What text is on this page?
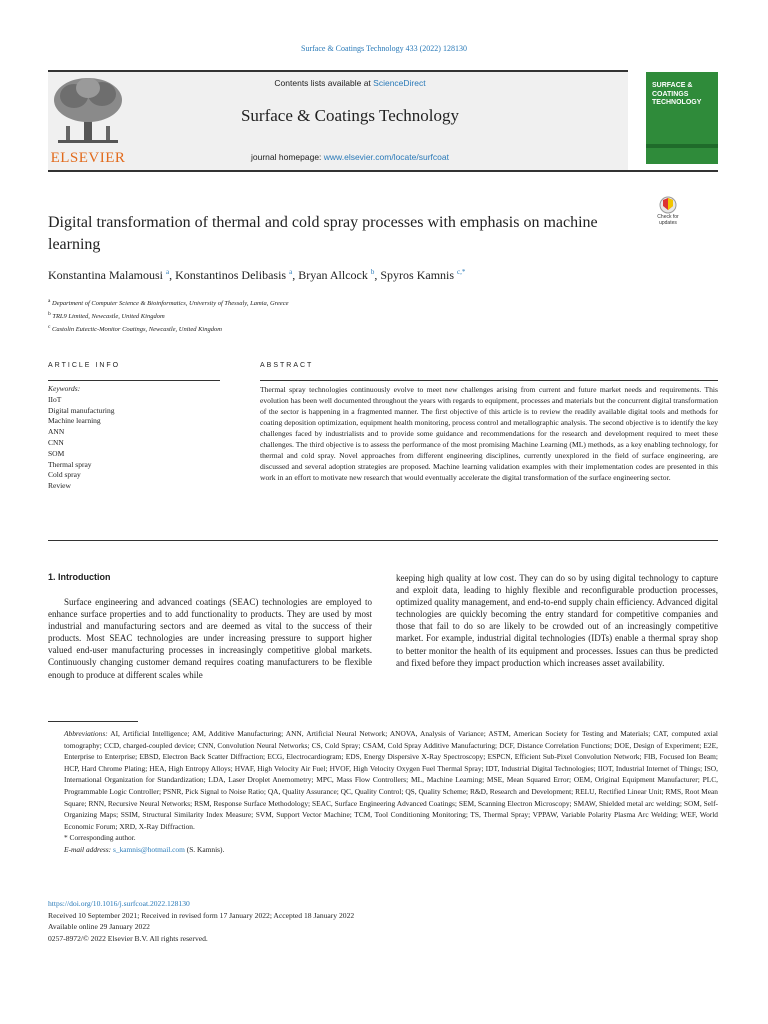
Surface & Coatings Technology 433 (2022) 128130
ELSEVIER
Contents lists available at ScienceDirect
Surface & Coatings Technology
journal homepage: www.elsevier.com/locate/surfcoat
SURFACE & COATINGS TECHNOLOGY
Digital transformation of thermal and cold spray processes with emphasis on machine learning
Check for updates
Konstantina Malamousi $^a$, Konstantinos Delibasis $^a$, Bryan Allcock $^b$, Spyros Kamnis $^{c,*}$
$^a$ Department of Computer Science & Bioinformatics, University of Thessaly, Lamia, Greece
$^b$ TRL9 Limited, Newcastle, United Kingdom
$^c$ Castolin Eutectic-Monitor Coatings, Newcastle, United Kingdom
ARTICLE INFO
Keywords:
IIoT
Digital manufacturing
Machine learning
ANN
CNN
SOM
Thermal spray
Cold spray
Review
ABSTRACT
Thermal spray technologies continuously evolve to meet new challenges arising from current and future market needs and requirements. This evolution has been well documented throughout the years with regards to equipment, processes and materials but the concurrent digital transformation of the sector is happening in a fragmented manner. The first objective of this article is to review the readily available digital tools and methods for coating deposition optimization, equipment health monitoring, process control and metallographic analysis. The second objective is to identify the key challenges faced by industrialists and to provide some guidance and recommendations for the research and development required to meet these challenges. The third objective is to assess the performance of the most promising Machine Learning (ML) methods, as a key enabling technology, for thermal and cold spray. Novel approaches from different engineering disciplines, currently unexplored in the field of surface engineering, are discussed and several adoption strategies are proposed. Machine learning validation examples with their implementation codes are presented in this work in an effort to motivate new research that would eventually accelerate the digital transformation of the surface engineering sector.
1. Introduction
Surface engineering and advanced coatings (SEAC) technologies are employed to enhance surface properties and to add functionality to products. They are used by most industrial and manufacturing sectors and are deemed as vital to the success of their products. Most SEAC technologies are under increasing pressure to support higher valued end-user manufacturing processes in increasingly competitive global markets. Continuously changing customer demand requires coating manufacturers to be flexible enough to produce at different scales while
keeping high quality at low cost. They can do so by using digital technology to capture and exploit data, leading to highly flexible and reconfigurable production processes, optimized quality management, and end-to-end supply chain efficiency. Advanced digital technologies are quickly becoming the entry standard for competitive companies and those that fail to do so are likely to be crowded out of an increasingly competitive market. For example, industrial digital technologies (IDTs) enable a thermal spray shop to better monitor the health of its equipment and processes. Issues can thus be predicted and fixed before they impact production which increases asset availability.
Abbreviations: AI, Artificial Intelligence; AM, Additive Manufacturing; ANN, Artificial Neural Network; ANOVA, Analysis of Variance; ASTM, American Society for Testing and Materials; CAT, computed axial tomography; CCD, charged-coupled device; CNN, Convolution Neural Networks; CS, Cold Spray; CSAM, Cold Spray Additive Manufacturing; DCF, Distance Correlation Functions; DOE, Design of Experiment; E2E, Enterprise to Enterprise; EBSD, Electron Back Scatter Diffraction; ECG, Electrocardiogram; EDS, Energy Dispersive X-Ray Spectroscopy; ESPCN, Efficient Sub-Pixel Convolution Network; FIB, Focused Ion Beam; HCP, Hard Chrome Plating; HEA, High Entropy Alloys; HVAF, High Velocity Air Fuel; HVOF, High Velocity Oxygen Fuel Thermal Spray; IDT, Industrial Digital Technologies; IIOT, Industrial Internet of Things; ISO, International Organization for Standardization; LDA, Laser Droplet Anemometry; MPC, Mass Flow Controllers; ML, Machine Learning; MSE, Mean Squared Error; OEM, Original Equipment Manufacturer; PLC, Programmable Logic Controller; PSNR, Pick Signal to Noise Ratio; QA, Quality Assurance; QC, Quality Control; QS, Quality Scheme; R&D, Research and Development; RELU, Rectified Linear Unit; RMS, Root Mean Square; RNN, Recursive Neural Networks; RSM, Response Surface Methodology; SEAC, Surface Engineering Advanced Coatings; SEM, Scanning Electron Microscopy; SMAW, Shielded metal arc welding; SOM, Self-Organizing Maps; SSIM, Structural Similarity Index Measure; SVM, Support Vector Machine; TCM, Tool Conditioning Monitoring; TS, Thermal Spray; VPPAW, Variable Polarity Plasma Arc Welding; WEF, World Economic Forum; XRD, X-Ray Diffraction.
* Corresponding author.
E-mail address: s_kamnis@hotmail.com (S. Kamnis).
https://doi.org/10.1016/j.surfcoat.2022.128130
Received 10 September 2021; Received in revised form 17 January 2022; Accepted 18 January 2022
Available online 29 January 2022
0257-8972/© 2022 Elsevier B.V. All rights reserved.
